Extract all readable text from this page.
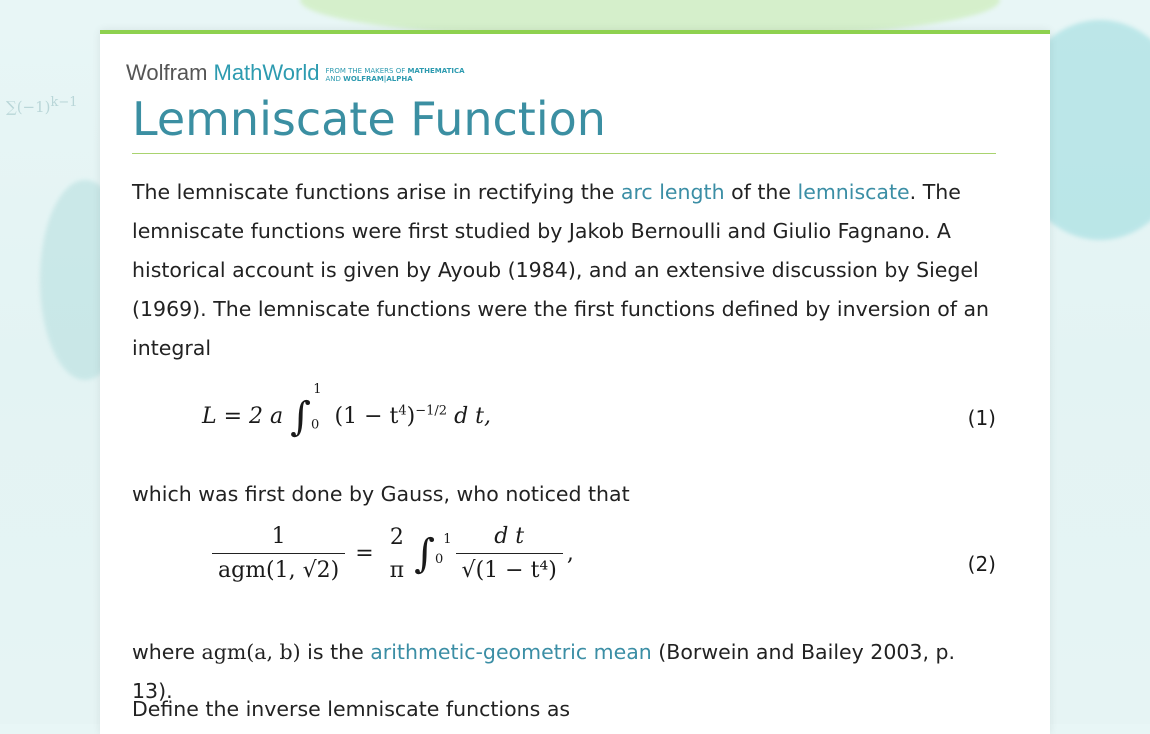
$\sum(-1)^{k-1}$
Wolfram MathWorld FROM THE MAKERS OF MATHEMATICA
AND WOLFRAM|ALPHA
Lemniscate Function
The lemniscate functions arise in rectifying the arc length of the lemniscate. The lemniscate functions were first studied by Jakob Bernoulli and Giulio Fagnano. A historical account is given by Ayoub (1984), and an extensive discussion by Siegel (1969). The lemniscate functions were the first functions defined by inversion of an integral
L = 2 a $\int_0^1$ $(1 - t^4)^{-1/2}$ d t,	(1)
which was first done by Gauss, who noticed that
$\frac{1}{\text{agm(1, √2)}}$ =
2
π $\int_0$
$1 \frac{\text{d t}}{\text{√(1 − t⁴)}}$ ,	(2)
where agm(a, b) is the arithmetic-geometric mean (Borwein and Bailey 2003, p. 13).
Define the inverse lemniscate functions as
